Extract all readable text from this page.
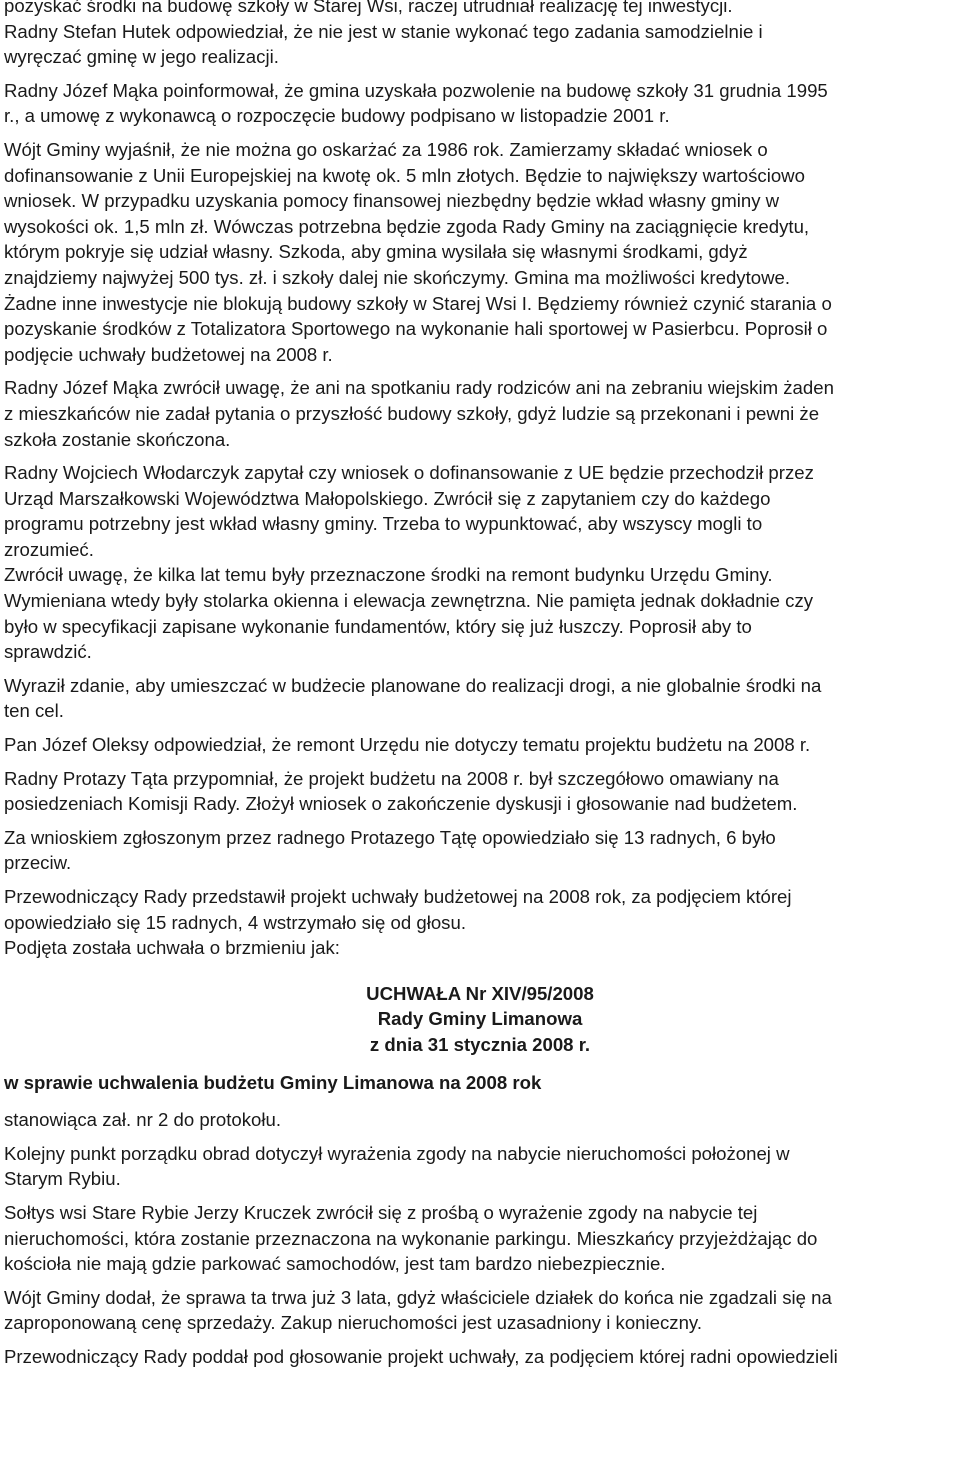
pozyskać środki na budowę szkoły w Starej Wsi, raczej utrudniał realizację tej inwestycji.
Radny Stefan Hutek odpowiedział, że nie jest w stanie wykonać tego zadania samodzielnie i
wyręczać gminę w jego realizacji.

Radny Józef Mąka poinformował, że gmina uzyskała pozwolenie na budowę szkoły 31 grudnia 1995
r., a umowę z wykonawcą o rozpoczęcie budowy podpisano w listopadzie 2001 r.

Wójt Gminy wyjaśnił, że nie można go oskarżać za 1986 rok. Zamierzamy składać wniosek o
dofinansowanie z Unii Europejskiej na kwotę ok. 5 mln złotych. Będzie to największy wartościowo
wniosek. W przypadku uzyskania pomocy finansowej niezbędny będzie wkład własny gminy w
wysokości ok. 1,5 mln zł. Wówczas potrzebna będzie zgoda Rady Gminy na zaciągnięcie kredytu,
którym pokryje się udział własny. Szkoda, aby gmina wysilała się własnymi środkami, gdyż
znajdziemy najwyżej 500 tys. zł. i szkoły dalej nie skończymy. Gmina ma możliwości kredytowe.
Żadne inne inwestycje nie blokują budowy szkoły w Starej Wsi I. Będziemy również czynić starania o
pozyskanie środków z Totalizatora Sportowego na wykonanie hali sportowej w Pasierbcu. Poprosił o
podjęcie uchwały budżetowej na 2008 r.

Radny Józef Mąka zwrócił uwagę, że ani na spotkaniu rady rodziców ani na zebraniu wiejskim żaden
z mieszkańców nie zadał pytania o przyszłość budowy szkoły, gdyż ludzie są przekonani i pewni że
szkoła zostanie skończona.

Radny Wojciech Włodarczyk zapytał czy wniosek o dofinansowanie z UE będzie przechodził przez
Urząd Marszałkowski Województwa Małopolskiego. Zwrócił się z zapytaniem czy do każdego
programu potrzebny jest wkład własny gminy. Trzeba to wypunktować, aby wszyscy mogli to
zrozumieć.
Zwrócił uwagę, że kilka lat temu były przeznaczone środki na remont budynku Urzędu Gminy.
Wymieniana wtedy były stolarka okienna i elewacja zewnętrzna. Nie pamięta jednak dokładnie czy
było w specyfikacji zapisane wykonanie fundamentów, który się już łuszczy. Poprosił aby to
sprawdzić.

Wyraził zdanie, aby umieszczać w budżecie planowane do realizacji drogi, a nie globalnie środki na
ten cel.

Pan Józef Oleksy odpowiedział, że remont Urzędu nie dotyczy tematu projektu budżetu na 2008 r.

Radny Protazy Tąta przypomniał, że projekt budżetu na 2008 r. był szczegółowo omawiany na
posiedzeniach Komisji Rady. Złożył wniosek o zakończenie dyskusji i głosowanie nad budżetem.

Za wnioskiem zgłoszonym przez radnego Protazego Tątę opowiedziało się 13 radnych, 6 było
przeciw.

Przewodniczący Rady przedstawił projekt uchwały budżetowej na 2008 rok, za podjęciem której
opowiedziało się 15 radnych, 4 wstrzymało się od głosu.
Podjęta została uchwała o brzmieniu jak:

UCHWAŁA Nr XIV/95/2008
Rady Gminy Limanowa
z dnia 31 stycznia 2008 r.

w sprawie uchwalenia budżetu Gminy Limanowa na 2008 rok

stanowiąca zał. nr 2 do protokołu.

Kolejny punkt porządku obrad dotyczył wyrażenia zgody na nabycie nieruchomości położonej w
Starym Rybiu.

Sołtys wsi Stare Rybie Jerzy Kruczek zwrócił się z prośbą o wyrażenie zgody na nabycie tej
nieruchomości, która zostanie przeznaczona na wykonanie parkingu. Mieszkańcy przyjeżdżając do
kościoła nie mają gdzie parkować samochodów, jest tam bardzo niebezpiecznie.

Wójt Gminy dodał, że sprawa ta trwa już 3 lata, gdyż właściciele działek do końca nie zgadzali się na
zaproponowaną cenę sprzedaży. Zakup nieruchomości jest uzasadniony i konieczny.

Przewodniczący Rady poddał pod głosowanie projekt uchwały, za podjęciem której radni opowiedzieli
